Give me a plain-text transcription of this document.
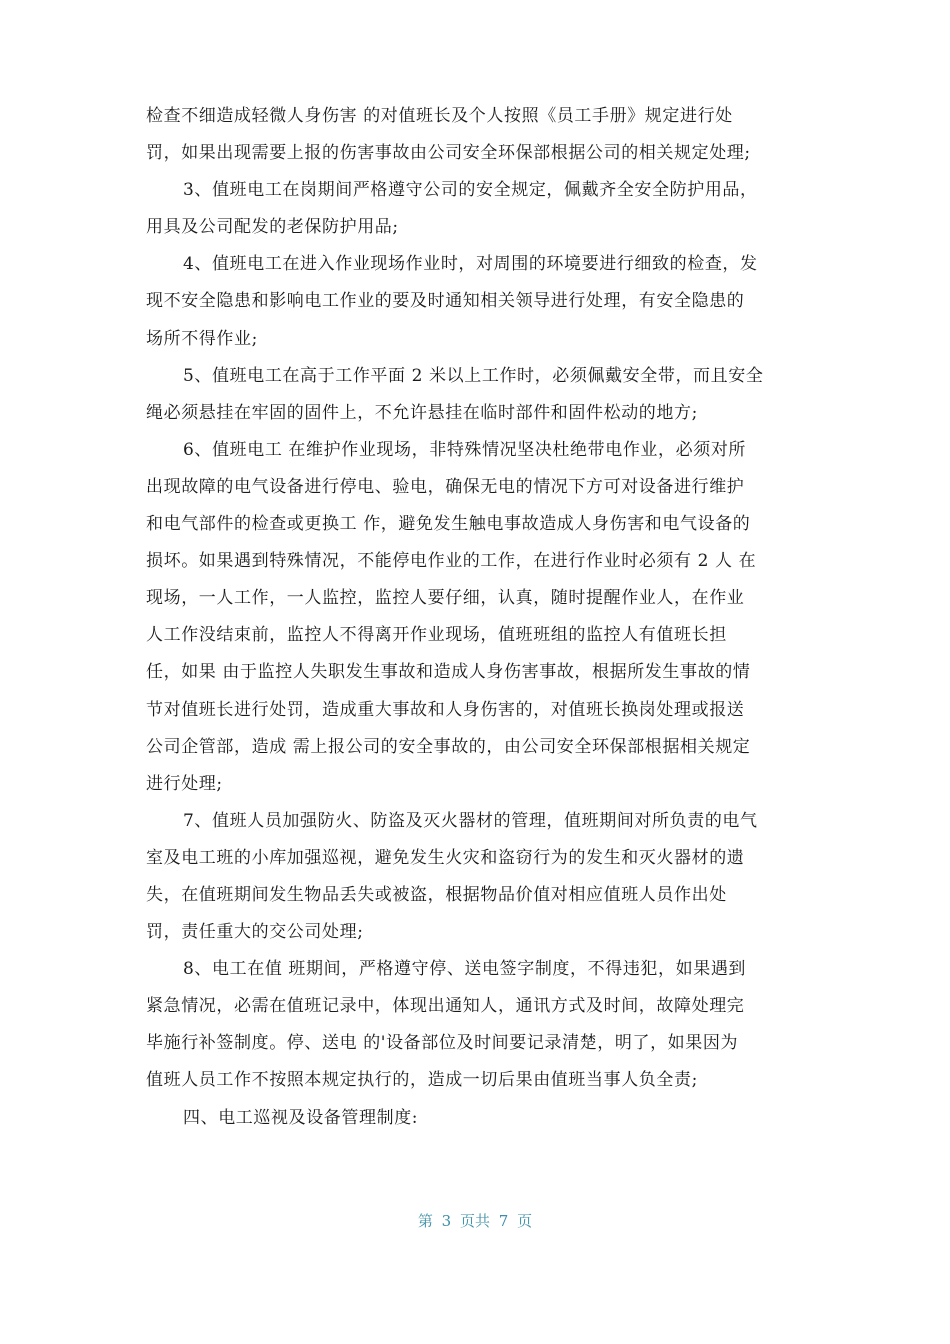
检查不细造成轻微人身伤害 的对值班长及个人按照《员工手册》规定进行处
罚，如果出现需要上报的伤害事故由公司安全环保部根据公司的相关规定处理;
3、值班电工在岗期间严格遵守公司的安全规定，佩戴齐全安全防护用品，
用具及公司配发的老保防护用品;
4、值班电工在进入作业现场作业时，对周围的环境要进行细致的检查，发
现不安全隐患和影响电工作业的要及时通知相关领导进行处理，有安全隐患的
场所不得作业;
5、值班电工在高于工作平面 2 米以上工作时，必须佩戴安全带，而且安全
绳必须悬挂在牢固的固件上，不允许悬挂在临时部件和固件松动的地方;
6、值班电工 在维护作业现场，非特殊情况坚决杜绝带电作业，必须对所
出现故障的电气设备进行停电、验电，确保无电的情况下方可对设备进行维护
和电气部件的检查或更换工 作，避免发生触电事故造成人身伤害和电气设备的
损坏。如果遇到特殊情况，不能停电作业的工作，在进行作业时必须有 2 人 在
现场，一人工作，一人监控，监控人要仔细，认真，随时提醒作业人，在作业
人工作没结束前，监控人不得离开作业现场，值班班组的监控人有值班长担
任，如果 由于监控人失职发生事故和造成人身伤害事故，根据所发生事故的情
节对值班长进行处罚，造成重大事故和人身伤害的，对值班长换岗处理或报送
公司企管部，造成 需上报公司的安全事故的，由公司安全环保部根据相关规定
进行处理;
7、值班人员加强防火、防盗及灭火器材的管理，值班期间对所负责的电气
室及电工班的小库加强巡视，避免发生火灾和盗窃行为的发生和灭火器材的遗
失，在值班期间发生物品丢失或被盗，根据物品价值对相应值班人员作出处
罚，责任重大的交公司处理;
8、电工在值 班期间，严格遵守停、送电签字制度，不得违犯，如果遇到
紧急情况，必需在值班记录中，体现出通知人，通讯方式及时间，故障处理完
毕施行补签制度。停、送电 的'设备部位及时间要记录清楚，明了，如果因为
值班人员工作不按照本规定执行的，造成一切后果由值班当事人负全责;
四、电工巡视及设备管理制度:
第 3 页共 7 页
